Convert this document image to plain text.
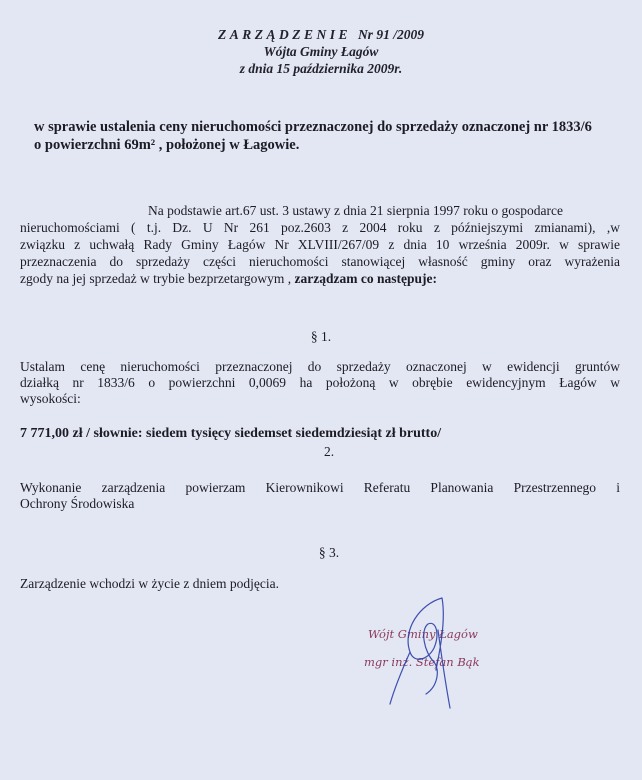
ZARZĄDZENIE Nr 91 /2009
Wójta Gminy Łagów
z dnia 15 października 2009r.
w sprawie ustalenia ceny nieruchomości przeznaczonej do sprzedaży oznaczonej nr 1833/6
o powierzchni 69m² , położonej w Łagowie.
Na podstawie art.67 ust. 3 ustawy z dnia 21 sierpnia 1997 roku o gospodarce
nieruchomościami ( t.j. Dz. U Nr 261 poz.2603 z 2004 roku z późniejszymi zmianami), ,w
związku z uchwałą Rady Gminy Łagów Nr XLVIII/267/09 z dnia 10 września 2009r. w sprawie
przeznaczenia do sprzedaży części nieruchomości stanowiącej własność gminy oraz wyrażenia
zgody na jej sprzedaż w trybie bezprzetargowym , zarządzam co następuje:
§ 1.
Ustalam cenę nieruchomości przeznaczonej do sprzedaży oznaczonej w ewidencji gruntów
działką nr 1833/6 o powierzchni 0,0069 ha położoną w obrębie ewidencyjnym Łagów w
wysokości:
7 771,00 zł / słownie: siedem tysięcy siedemset siedemdziesiąt zł brutto/
2.
Wykonanie zarządzenia powierzam Kierownikowi Referatu Planowania Przestrzennego i
Ochrony Środowiska
§ 3.
Zarządzenie wchodzi w życie z dniem podjęcia.
Wójt Gminy Łagów
mgr inż. Stefan Bąk
